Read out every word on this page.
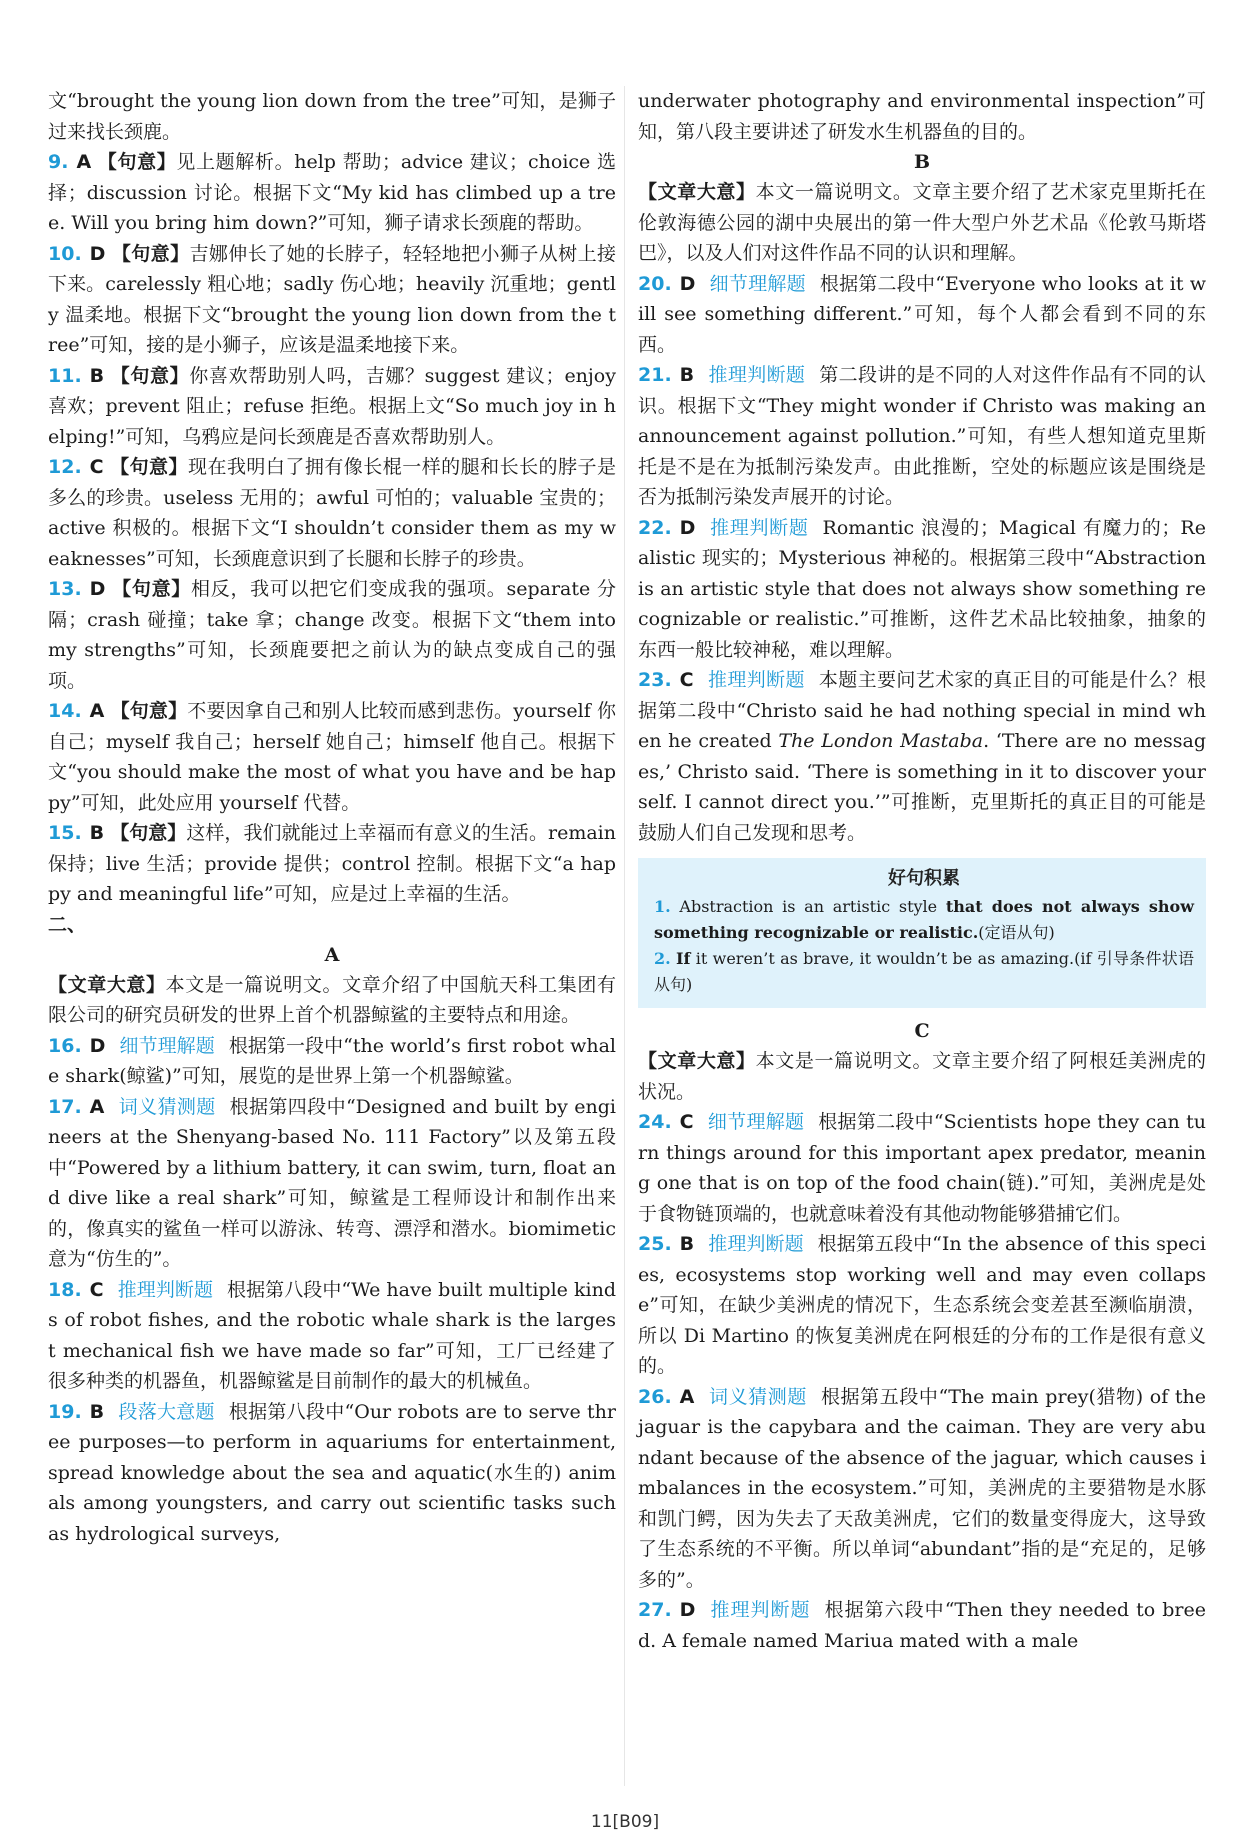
文“brought the young lion down from the tree”可知，是狮子过来找长颈鹿。

9. A 【句意】见上题解析。help 帮助；advice 建议；choice 选择；discussion 讨论。根据下文“My kid has climbed up a tree. Will you bring him down?”可知，狮子请求长颈鹿的帮助。

10. D 【句意】吉娜伸长了她的长脖子，轻轻地把小狮子从树上接下来。carelessly 粗心地；sadly 伤心地；heavily 沉重地；gently 温柔地。根据下文“brought the young lion down from the tree”可知，接的是小狮子，应该是温柔地接下来。

11. B 【句意】你喜欢帮助别人吗，吉娜？suggest 建议；enjoy 喜欢；prevent 阻止；refuse 拒绝。根据上文“So much joy in helping!”可知，乌鸦应是问长颈鹿是否喜欢帮助别人。

12. C 【句意】现在我明白了拥有像长棍一样的腿和长长的脖子是多么的珍贵。useless 无用的；awful 可怕的；valuable 宝贵的；active 积极的。根据下文“I shouldn’t consider them as my weaknesses”可知，长颈鹿意识到了长腿和长脖子的珍贵。

13. D 【句意】相反，我可以把它们变成我的强项。separate 分隔；crash 碰撞；take 拿；change 改变。根据下文“them into my strengths”可知，长颈鹿要把之前认为的缺点变成自己的强项。

14. A 【句意】不要因拿自己和别人比较而感到悲伤。yourself 你自己；myself 我自己；herself 她自己；himself 他自己。根据下文“you should make the most of what you have and be happy”可知，此处应用 yourself 代替。

15. B 【句意】这样，我们就能过上幸福而有意义的生活。remain 保持；live 生活；provide 提供；control 控制。根据下文“a happy and meaningful life”可知，应是过上幸福的生活。

二、

A

【文章大意】本文是一篇说明文。文章介绍了中国航天科工集团有限公司的研究员研发的世界上首个机器鲸鲨的主要特点和用途。

16. D 细节理解题 根据第一段中“the world’s first robot whale shark(鲸鲨)”可知，展览的是世界上第一个机器鲸鲨。

17. A 词义猜测题 根据第四段中“Designed and built by engineers at the Shenyang-based No. 111 Factory”以及第五段中“Powered by a lithium battery, it can swim, turn, float and dive like a real shark”可知，鲸鲨是工程师设计和制作出来的，像真实的鲨鱼一样可以游泳、转弯、漂浮和潜水。biomimetic 意为“仿生的”。

18. C 推理判断题 根据第八段中“We have built multiple kinds of robot fishes, and the robotic whale shark is the largest mechanical fish we have made so far”可知，工厂已经建了很多种类的机器鱼，机器鲸鲨是目前制作的最大的机械鱼。

19. B 段落大意题 根据第八段中“Our robots are to serve three purposes—to perform in aquariums for entertainment, spread knowledge about the sea and aquatic(水生的) animals among youngsters, and carry out scientific tasks such as hydrological surveys,

underwater photography and environmental inspection”可知，第八段主要讲述了研发水生机器鱼的目的。

B

【文章大意】本文一篇说明文。文章主要介绍了艺术家克里斯托在伦敦海德公园的湖中央展出的第一件大型户外艺术品《伦敦马斯塔巴》，以及人们对这件作品不同的认识和理解。

20. D 细节理解题 根据第二段中“Everyone who looks at it will see something different.”可知，每个人都会看到不同的东西。

21. B 推理判断题 第二段讲的是不同的人对这件作品有不同的认识。根据下文“They might wonder if Christo was making an announcement against pollution.”可知，有些人想知道克里斯托是不是在为抵制污染发声。由此推断，空处的标题应该是围绕是否为抵制污染发声展开的讨论。

22. D 推理判断题 Romantic 浪漫的；Magical 有魔力的；Realistic 现实的；Mysterious 神秘的。根据第三段中“Abstraction is an artistic style that does not always show something recognizable or realistic.”可推断，这件艺术品比较抽象，抽象的东西一般比较神秘，难以理解。

23. C 推理判断题 本题主要问艺术家的真正目的可能是什么？根据第二段中“Christo said he had nothing special in mind when he created The London Mastaba. ‘There are no messages,’ Christo said. ‘There is something in it to discover yourself. I cannot direct you.’”可推断，克里斯托的真正目的可能是鼓励人们自己发现和思考。

好句积累
1. Abstraction is an artistic style that does not always show something recognizable or realistic.(定语从句)
2. If it weren’t as brave, it wouldn’t be as amazing.(if 引导条件状语从句)

C

【文章大意】本文是一篇说明文。文章主要介绍了阿根廷美洲虎的状况。

24. C 细节理解题 根据第二段中“Scientists hope they can turn things around for this important apex predator, meaning one that is on top of the food chain(链).”可知，美洲虎是处于食物链顶端的，也就意味着没有其他动物能够猎捕它们。

25. B 推理判断题 根据第五段中“In the absence of this species, ecosystems stop working well and may even collapse”可知，在缺少美洲虎的情况下，生态系统会变差甚至濒临崩溃，所以 Di Martino 的恢复美洲虎在阿根廷的分布的工作是很有意义的。

26. A 词义猜测题 根据第五段中“The main prey(猎物) of the jaguar is the capybara and the caiman. They are very abundant because of the absence of the jaguar, which causes imbalances in the ecosystem.”可知，美洲虎的主要猎物是水豚和凯门鳄，因为失去了天敌美洲虎，它们的数量变得庞大，这导致了生态系统的不平衡。所以单词“abundant”指的是“充足的，足够多的”。

27. D 推理判断题 根据第六段中“Then they needed to breed. A female named Mariua mated with a male

11[B09]
